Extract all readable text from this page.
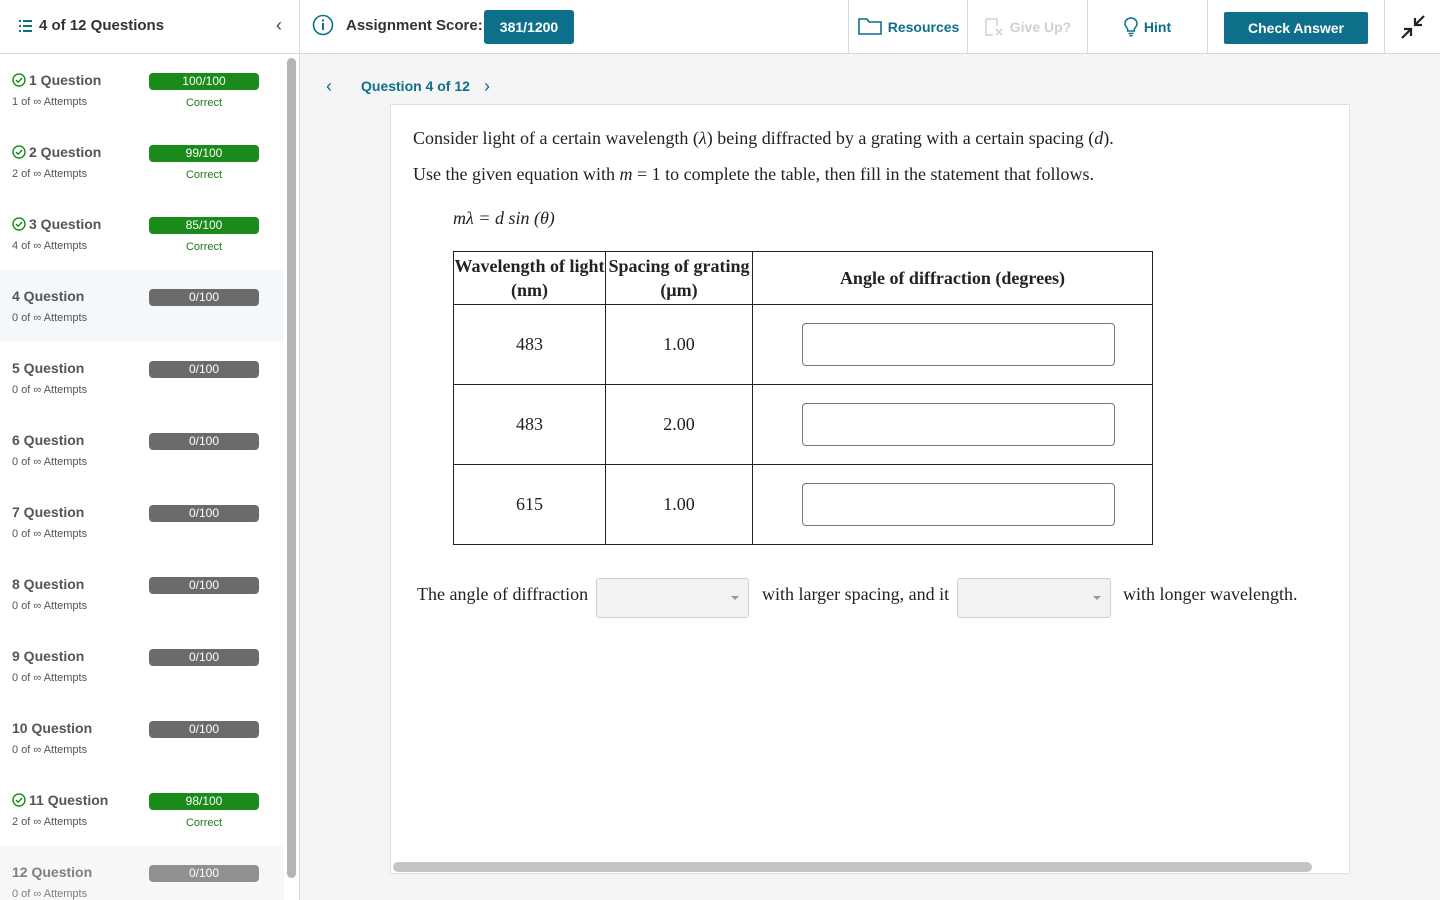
4 of 12 Questions	‹	Assignment Score:	381/1200	Resources	Give Up?	Hint	Check Answer
1 Question
1 of ∞ Attempts
100/100
Correct
2 Question
2 of ∞ Attempts
99/100
Correct
3 Question
4 of ∞ Attempts
85/100
Correct
4 Question
0 of ∞ Attempts
0/100
5 Question
0 of ∞ Attempts
0/100
6 Question
0 of ∞ Attempts
0/100
7 Question
0 of ∞ Attempts
0/100
8 Question
0 of ∞ Attempts
0/100
9 Question
0 of ∞ Attempts
0/100
10 Question
0 of ∞ Attempts
0/100
11 Question
2 of ∞ Attempts
98/100
Correct
12 Question
0 of ∞ Attempts
0/100
‹ Question 4 of 12 ›
Consider light of a certain wavelength (λ) being diffracted by a grating with a certain spacing (d).
Use the given equation with m = 1 to complete the table, then fill in the statement that follows.
mλ = d sin (θ)
Wavelength of light (nm)	Spacing of grating (µm)	Angle of diffraction (degrees)
483	1.00	

483	2.00	

615	1.00	
The angle of diffraction	with larger spacing, and it	with longer wavelength.
